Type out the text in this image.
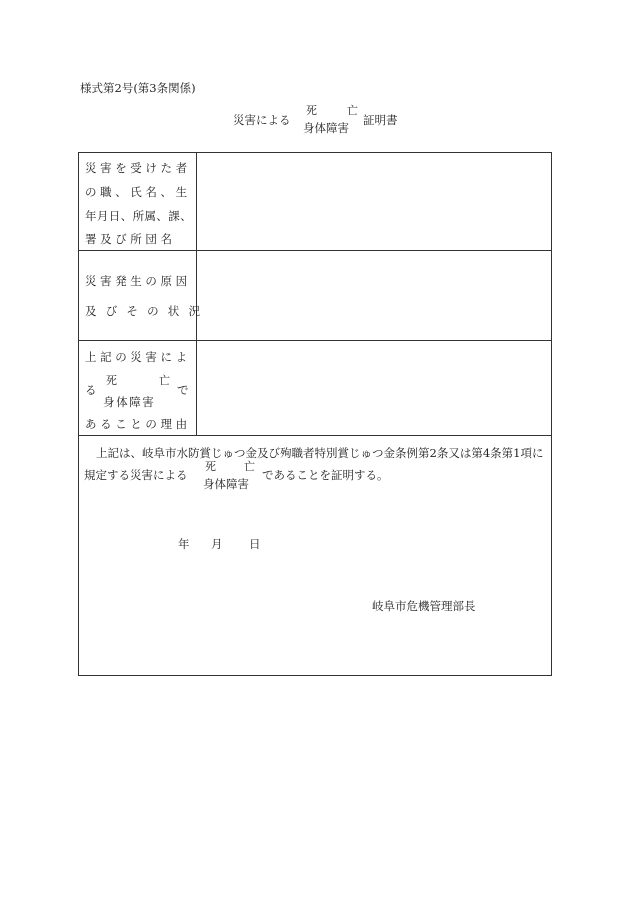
様式第2号(第3条関係)
災害による
死	亡
身体障害
証明書
災害を受けた者
の職、氏名、生
年月日、所属、課、
署及び所団名
災害発生の原因
及びその状況
上記の災害によ
る
死	亡
で
身体障害
あることの理由
上記は、岐阜市水防賞じゅつ金及び殉職者特別賞じゅつ金条例第2条又は第4条第1項に
規定する災害による
死 亡
身体障害
であることを証明する。
年 月 日
岐阜市危機管理部長
